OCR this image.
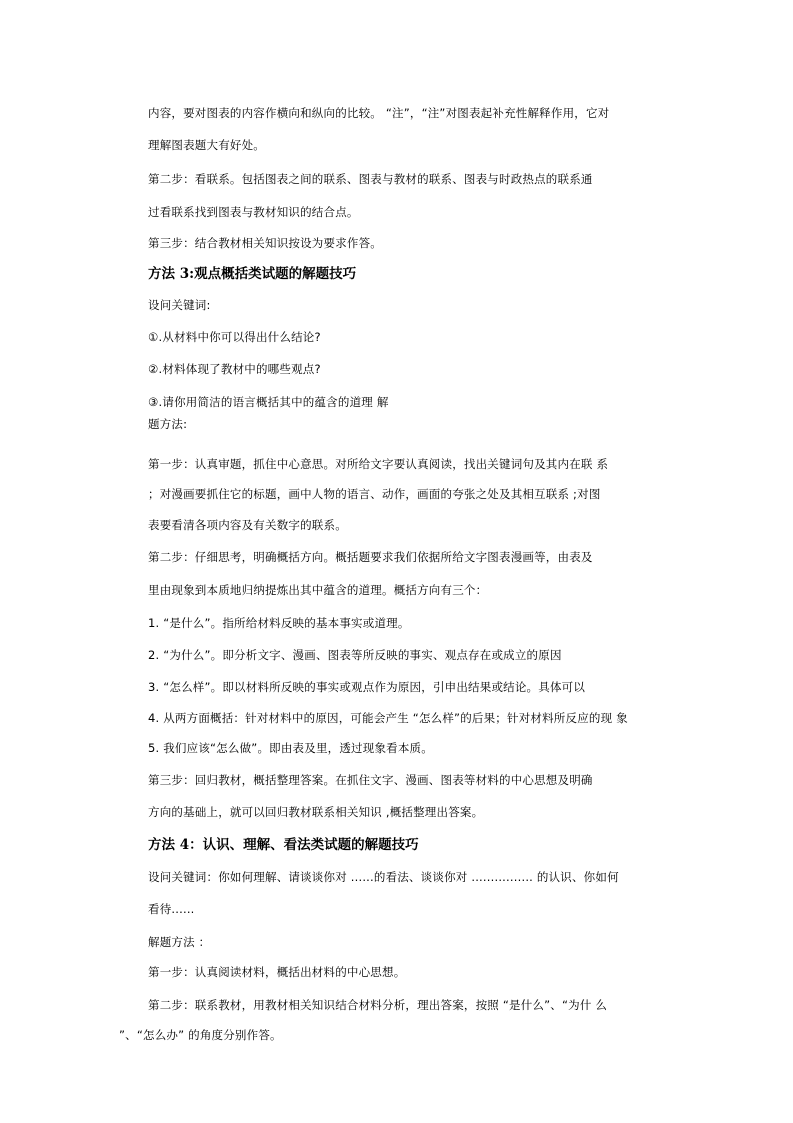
内容，要对图表的内容作横向和纵向的比较。 “注”，“注”对图表起补充性解释作用，它对

理解图表题大有好处。

第二步：看联系。包括图表之间的联系、图表与教材的联系、图表与时政热点的联系通

过看联系找到图表与教材知识的结合点。

第三步：结合教材相关知识按设为要求作答。

方法 3:观点概括类试题的解题技巧

设问关键词:

①.从材料中你可以得出什么结论?

②.材料体现了教材中的哪些观点?

③.请你用简洁的语言概括其中的蕴含的道理 解

题方法:

第一步：认真审题，抓住中心意思。对所给文字要认真阅读，找出关键词句及其内在联 系

；对漫画要抓住它的标题，画中人物的语言、动作，画面的夸张之处及其相互联系 ;对图

表要看清各项内容及有关数字的联系。

第二步：仔细思考，明确概括方向。概括题要求我们依据所给文字图表漫画等，由表及

里由现象到本质地归纳提炼出其中蕴含的道理。概括方向有三个：

1. “是什么”。指所给材料反映的基本事实或道理。

2. “为什么”。即分析文字、漫画、图表等所反映的事实、观点存在或成立的原因

3. “怎么样”。即以材料所反映的事实或观点作为原因，引申出结果或结论。具体可以

4. 从两方面概括：针对材料中的原因，可能会产生 “怎么样”的后果；针对材料所反应的现 象

5. 我们应该“怎么做”。即由表及里，透过现象看本质。

第三步：回归教材，概括整理答案。在抓住文字、漫画、图表等材料的中心思想及明确

方向的基础上，就可以回归教材联系相关知识 ,概括整理出答案。

方法 4：认识、理解、看法类试题的解题技巧

设问关键词：你如何理解、请谈谈你对 ......的看法、谈谈你对 ................ 的认识、你如何

看待......

解题方法 ：

第一步：认真阅读材料，概括出材料的中心思想。

第二步：联系教材，用教材相关知识结合材料分析，理出答案，按照 “是什么”、“为什 么

”、“怎么办” 的角度分别作答。
